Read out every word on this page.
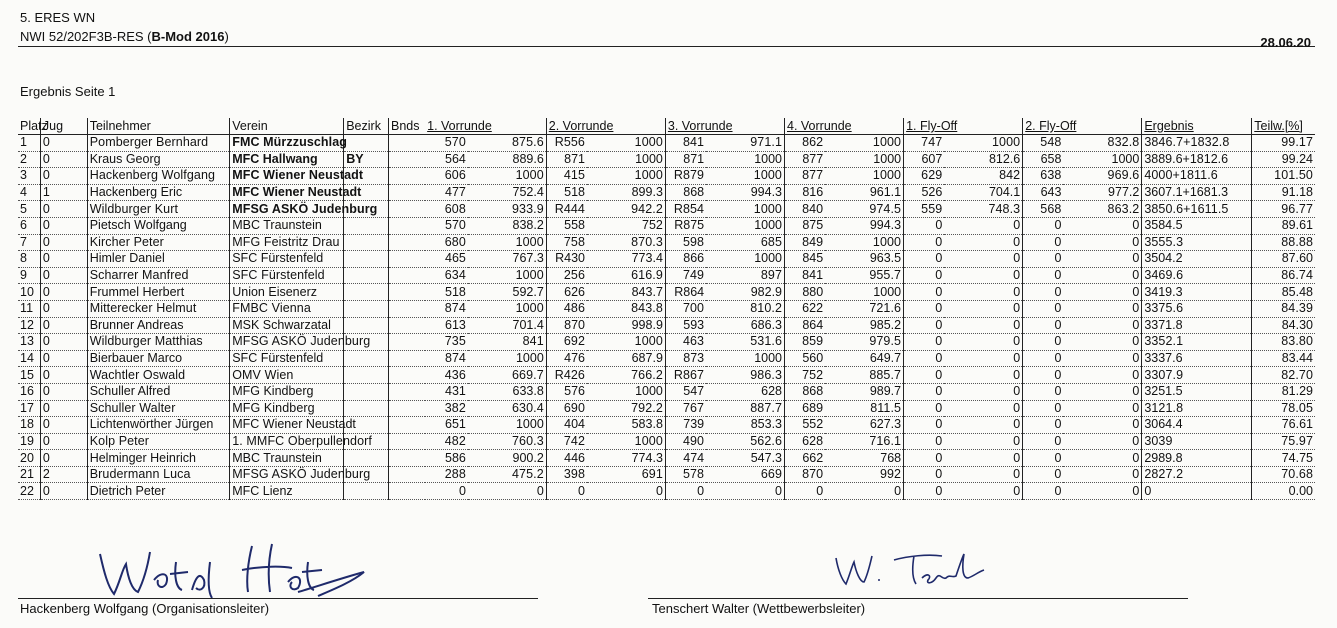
5. ERES WN
NWI 52/202F3B-RES (B-Mod 2016)	28.06.20
Ergebnis Seite 1
Platz	Jug	Teilnehmer	Verein	Bezirk	Bnds	1. Vorrunde		2. Vorrunde		3. Vorrunde		4. Vorrunde		1. Fly-Off		2. Fly-Off		Ergebnis	Teilw.[%]
1	0	Pomberger Bernhard	FMC Mürzzuschlag			570	875.6	R556	1000	841	971.1	862	1000	747	1000	548	832.8	3846.7+1832.8	99.17
2	0	Kraus Georg	MFC Hallwang	BY		564	889.6	871	1000	871	1000	877	1000	607	812.6	658	1000	3889.6+1812.6	99.24
3	0	Hackenberg Wolfgang	MFC Wiener Neustadt			606	1000	415	1000	R879	1000	877	1000	629	842	638	969.6	4000+1811.6	101.50
4	1	Hackenberg Eric	MFC Wiener Neustadt			477	752.4	518	899.3	868	994.3	816	961.1	526	704.1	643	977.2	3607.1+1681.3	91.18
5	0	Wildburger Kurt	MFSG ASKÖ Judenburg			608	933.9	R444	942.2	R854	1000	840	974.5	559	748.3	568	863.2	3850.6+1611.5	96.77
6	0	Pietsch Wolfgang	MBC Traunstein			570	838.2	558	752	R875	1000	875	994.3	0	0	0	0	3584.5	89.61
7	0	Kircher Peter	MFG Feistritz Drau			680	1000	758	870.3	598	685	849	1000	0	0	0	0	3555.3	88.88
8	0	Himler Daniel	SFC Fürstenfeld			465	767.3	R430	773.4	866	1000	845	963.5	0	0	0	0	3504.2	87.60
9	0	Scharrer Manfred	SFC Fürstenfeld			634	1000	256	616.9	749	897	841	955.7	0	0	0	0	3469.6	86.74
10	0	Frummel Herbert	Union Eisenerz			518	592.7	626	843.7	R864	982.9	880	1000	0	0	0	0	3419.3	85.48
11	0	Mitterecker Helmut	FMBC Vienna			874	1000	486	843.8	700	810.2	622	721.6	0	0	0	0	3375.6	84.39
12	0	Brunner Andreas	MSK Schwarzatal			613	701.4	870	998.9	593	686.3	864	985.2	0	0	0	0	3371.8	84.30
13	0	Wildburger Matthias	MFSG ASKÖ Judenburg			735	841	692	1000	463	531.6	859	979.5	0	0	0	0	3352.1	83.80
14	0	Bierbauer Marco	SFC Fürstenfeld			874	1000	476	687.9	873	1000	560	649.7	0	0	0	0	3337.6	83.44
15	0	Wachtler Oswald	OMV Wien			436	669.7	R426	766.2	R867	986.3	752	885.7	0	0	0	0	3307.9	82.70
16	0	Schuller Alfred	MFG Kindberg			431	633.8	576	1000	547	628	868	989.7	0	0	0	0	3251.5	81.29
17	0	Schuller Walter	MFG Kindberg			382	630.4	690	792.2	767	887.7	689	811.5	0	0	0	0	3121.8	78.05
18	0	Lichtenwörther Jürgen	MFC Wiener Neustadt			651	1000	404	583.8	739	853.3	552	627.3	0	0	0	0	3064.4	76.61
19	0	Kolp Peter	1. MMFC Oberpullendorf			482	760.3	742	1000	490	562.6	628	716.1	0	0	0	0	3039	75.97
20	0	Helminger Heinrich	MBC Traunstein			586	900.2	446	774.3	474	547.3	662	768	0	0	0	0	2989.8	74.75
21	2	Brudermann Luca	MFSG ASKÖ Judenburg			288	475.2	398	691	578	669	870	992	0	0	0	0	2827.2	70.68
22	0	Dietrich Peter	MFC Lienz			0	0	0	0	0	0	0	0	0	0	0	0	0	0.00
Hackenberg Wolfgang (Organisationsleiter)	Tenschert Walter (Wettbewerbsleiter)
